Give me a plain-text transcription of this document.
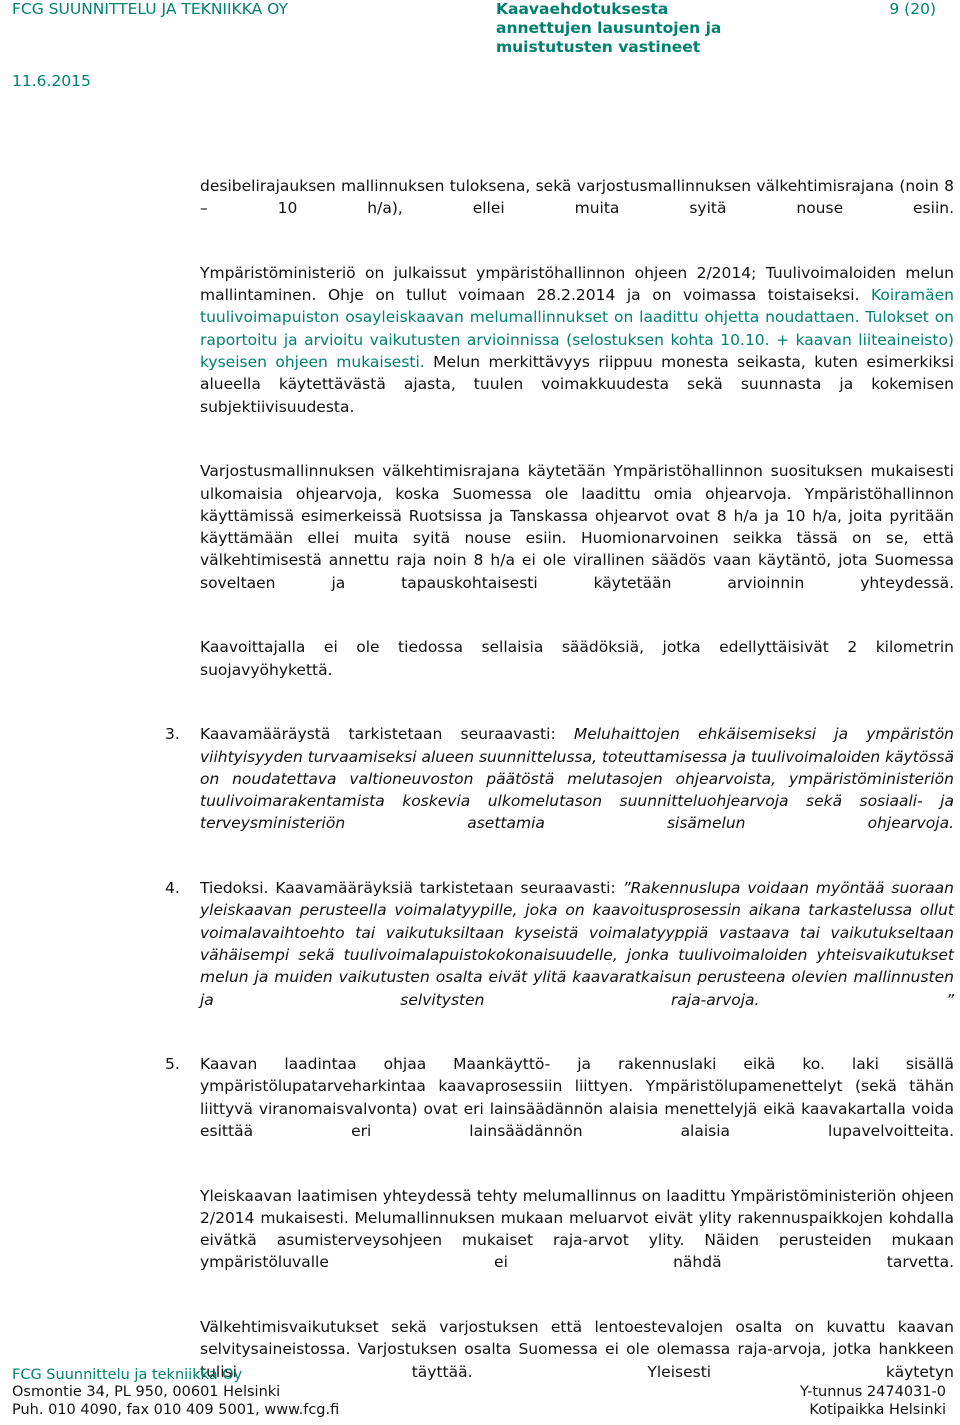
FCG SUUNNITTELU JA TEKNIIKKA OY	Kaavaehdotuksesta
annettujen lausuntojen ja
muistutusten vastineet
9 (20)
11.6.2015

desibelirajauksen mallinnuksen tuloksena, sekä varjostusmallinnuksen välkehtimisrajana (noin 8 – 10 h/a), ellei muita syitä nouse esiin.

Ympäristöministeriö on julkaissut ympäristöhallinnon ohjeen 2/2014; Tuulivoimaloiden melun mallintaminen. Ohje on tullut voimaan 28.2.2014 ja on voimassa toistaiseksi. Koiramäen tuulivoimapuiston osayleiskaavan melumallinnukset on laadittu ohjetta noudattaen. Tulokset on raportoitu ja arvioitu vaikutusten arvioinnissa (selostuksen kohta 10.10. + kaavan liiteaineisto) kyseisen ohjeen mukaisesti. Melun merkittävyys riippuu monesta seikasta, kuten esimerkiksi alueella käytettävästä ajasta, tuulen voimakkuudesta sekä suunnasta ja kokemisen subjektiivisuudesta.

Varjostusmallinnuksen välkehtimisrajana käytetään Ympäristöhallinnon suosituksen mukaisesti ulkomaisia ohjearvoja, koska Suomessa ole laadittu omia ohjearvoja. Ympäristöhallinnon käyttämissä esimerkeissä Ruotsissa ja Tanskassa ohjearvot ovat 8 h/a ja 10 h/a, joita pyritään käyttämään ellei muita syitä nouse esiin. Huomionarvoinen seikka tässä on se, että välkehtimisestä annettu raja noin 8 h/a ei ole virallinen säädös vaan käytäntö, jota Suomessa soveltaen ja tapauskohtaisesti käytetään arvioinnin yhteydessä.

Kaavoittajalla ei ole tiedossa sellaisia säädöksiä, jotka edellyttäisivät 2 kilometrin suojavyöhykettä.

3. Kaavamääräystä tarkistetaan seuraavasti: Meluhaittojen ehkäisemiseksi ja ympäristön viihtyisyyden turvaamiseksi alueen suunnittelussa, toteuttamisessa ja tuulivoimaloiden käytössä on noudatettava valtioneuvoston päätöstä melutasojen ohjearvoista, ympäristöministeriön tuulivoimarakentamista koskevia ulkomelutason suunnitteluohjearvoja sekä sosiaali- ja terveysministeriön asettamia sisämelun ohjearvoja.
4. Tiedoksi. Kaavamääräyksiä tarkistetaan seuraavasti: ”Rakennuslupa voidaan myöntää suoraan yleiskaavan perusteella voimalatyypille, joka on kaavoitusprosessin aikana tarkastelussa ollut voimalavaihtoehto tai vaikutuksiltaan kyseistä voimalatyyppiä vastaava tai vaikutukseltaan vähäisempi sekä tuulivoimalapuistokokonaisuudelle, jonka tuulivoimaloiden yhteisvaikutukset melun ja muiden vaikutusten osalta eivät ylitä kaavaratkaisun perusteena olevien mallinnusten ja selvitysten raja-arvoja. ”
5. Kaavan laadintaa ohjaa Maankäyttö- ja rakennuslaki eikä ko. laki sisällä ympäristölupatarveharkintaa kaavaprosessiin liittyen. Ympäristölupamenettelyt (sekä tähän liittyvä viranomaisvalvonta) ovat eri lainsäädännön alaisia menettelyjä eikä kaavakartalla voida esittää eri lainsäädännön alaisia lupavelvoitteita.

Yleiskaavan laatimisen yhteydessä tehty melumallinnus on laadittu Ympäristöministeriön ohjeen 2/2014 mukaisesti. Melumallinnuksen mukaan meluarvot eivät ylity rakennuspaikkojen kohdalla eivätkä asumisterveysohjeen mukaiset raja-arvot ylity. Näiden perusteiden mukaan ympäristöluvalle ei nähdä tarvetta.

Välkehtimisvaikutukset sekä varjostuksen että lentoestevalojen osalta on kuvattu kaavan selvitysaineistossa. Varjostuksen osalta Suomessa ei ole olemassa raja-arvoja, jotka hankkeen tulisi täyttää. Yleisesti käytetyn

FCG Suunnittelu ja tekniikka Oy
Osmontie 34, PL 950, 00601 Helsinki
Puh. 010 4090, fax 010 409 5001, www.fcg.fi
Y-tunnus 2474031-0
Kotipaikka Helsinki
